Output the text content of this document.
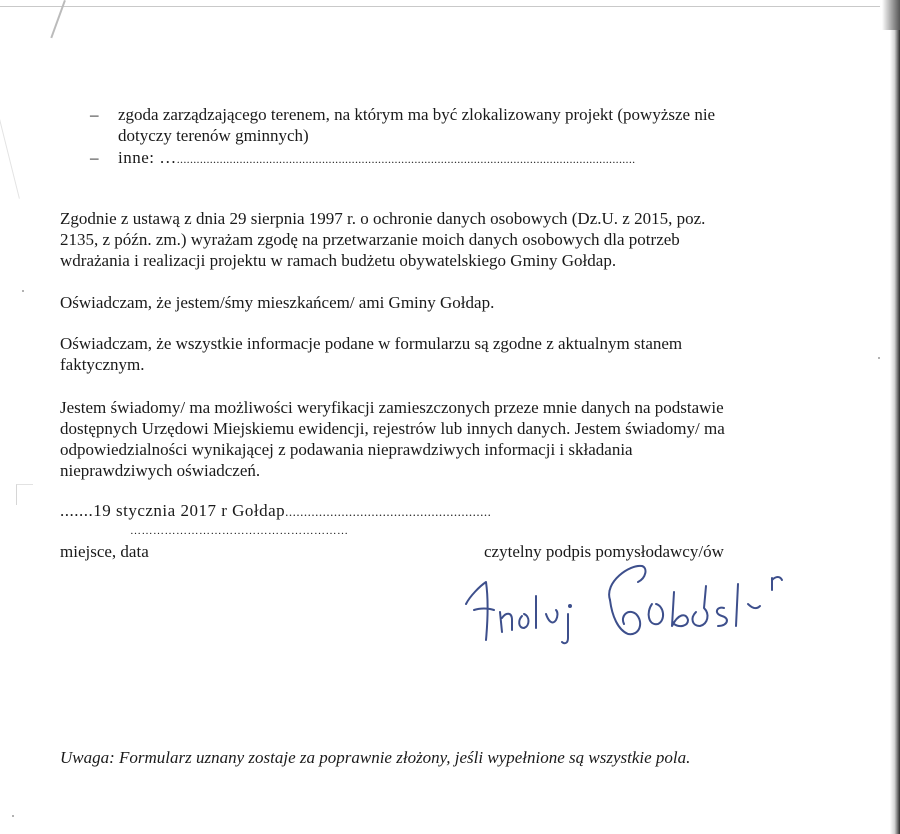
– zgoda zarządzającego terenem, na którym ma być zlokalizowany projekt (powyższe nie
dotyczy terenów gminnych)
– inne: …...........................................................................................................................................
Zgodnie z ustawą z dnia 29 sierpnia 1997 r. o ochronie danych osobowych (Dz.U. z 2015, poz.
2135, z późn. zm.) wyrażam zgodę na przetwarzanie moich danych osobowych dla potrzeb
wdrażania i realizacji projektu w ramach budżetu obywatelskiego Gminy Gołdap.
Oświadczam, że jestem/śmy mieszkańcem/ ami Gminy Gołdap.
Oświadczam, że wszystkie informacje podane w formularzu są zgodne z aktualnym stanem
faktycznym.
Jestem świadomy/ ma możliwości weryfikacji zamieszczonych przeze mnie danych na podstawie
dostępnych Urzędowi Miejskiemu ewidencji, rejestrów lub innych danych. Jestem świadomy/ ma
odpowiedzialności wynikającej z podawania nieprawdziwych informacji i składania
nieprawdziwych oświadczeń.
.......19 stycznia 2017 r Gołdap.......................................................
…………………………………………………
miejsce, data	czytelny podpis pomysłodawcy/ów
Uwaga: Formularz uznany zostaje za poprawnie złożony, jeśli wypełnione są wszystkie pola.
